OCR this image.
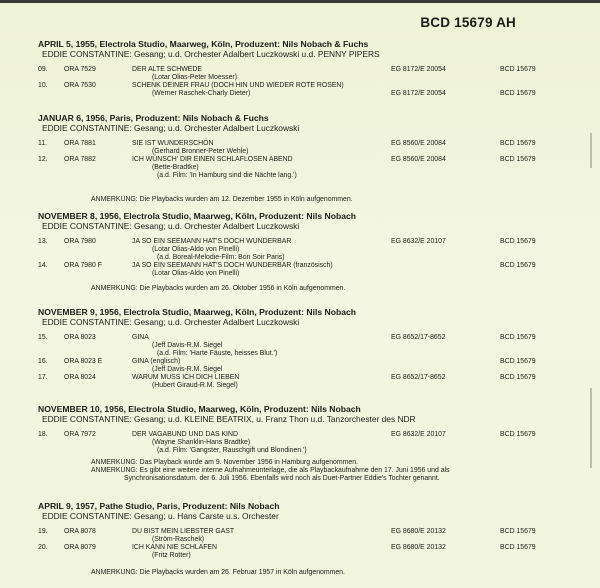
BCD 15679 AH
APRIL 5, 1955, Electrola Studio, Maarweg, Köln, Produzent: Nils Nobach & Fuchs
EDDIE CONSTANTINE: Gesang; u.d. Orchester Adalbert Luczkowski u.d. PENNY PIPERS
09. ORA 7529	DER ALTE SCHWEDE	EG 8172/E 20054	BCD 15679
(Lotar Olias-Peter Moesser)
10. ORA 7530	SCHENK DEINER FRAU (DOCH HIN UND WIEDER ROTE ROSEN)
(Werner Raschek-Charly Dieter)	EG 8172/E 20054	BCD 15679
JANUAR 6, 1956, Paris, Produzent: Nils Nobach & Fuchs
EDDIE CONSTANTINE: Gesang; u.d. Orchester Adalbert Luczkowski
11. ORA 7881	SIE IST WUNDERSCHÖN	EG 8560/E 20084	BCD 15679
(Gerhard Bronner-Peter Wehle)
12. ORA 7882	ICH WÜNSCH' DIR EINEN SCHLAFLOSEN ABEND	EG 8560/E 20084	BCD 15679
(Bette-Bradtke)
(a.d. Film: 'In Hamburg sind die Nächte lang.')
ANMERKUNG: Die Playbacks wurden am 12. Dezember 1955 in Köln aufgenommen.
NOVEMBER 8, 1956, Electrola Studio, Maarweg, Köln, Produzent: Nils Nobach
EDDIE CONSTANTINE: Gesang; u.d. Orchester Adalbert Luczkowski
13. ORA 7980	JA SO EIN SEEMANN HAT'S DOCH WUNDERBAR	EG 8632/E 20107	BCD 15679
(Lotar Olias-Aldo von Pinelli)
(a.d. Boreal-Melodie-Film: Bon Soir Paris)
14. ORA 7980 F	JA SO EIN SEEMANN HAT'S DOCH WUNDERBAR (französisch)	BCD 15679
(Lotar Olias-Aldo von Pinelli)
ANMERKUNG: Die Playbacks wurden am 26. Oktober 1956 in Köln aufgenommen.
NOVEMBER 9, 1956, Electrola Studio, Maarweg, Köln, Produzent: Nils Nobach
EDDIE CONSTANTINE: Gesang; u.d. Orchester Adalbert Luczkowski
15. ORA 8023	GINA	EG 8652/17-8652	BCD 15679
(Jeff Davis-R.M. Siegel
(a.d. Film: 'Harte Fäuste, heisses Blut.')
16. ORA 8023 E	GINA (englisch)	BCD 15679
(Jeff Davis-R.M. Siegel
17. ORA 8024	WARUM MUSS ICH DICH LIEBEN	EG 8652/17-8652	BCD 15679
(Hubert Giraud-R.M. Siegel)
NOVEMBER 10, 1956, Electrola Studio, Maarweg, Köln, Produzent: Nils Nobach
EDDIE CONSTANTINE: Gesang; u.d. KLEINE BEATRIX, u. Franz Thon u.d. Tanzorchester des NDR
18. ORA 7972	DER VAGABUND UND DAS KIND	EG 8632/E 20107	BCD 15679
(Wayne Shanklin-Hans Bradtke)
(a.d. Film: 'Gangster, Rauschgift und Blondinen.')
ANMERKUNG: Das Playback wurde am 9. November 1956 in Hamburg aufgenommen.
ANMERKUNG: Es gibt eine weitere interne Aufnahmeunterlage, die als Playbackaufnahme den 17. Juni 1956 und als
Synchronisationsdatum. der 6. Juli 1956. Ebenfalls wird noch als Duet-Partner Eddie's Tochter genannt.
APRIL 9, 1957, Pathe Studio, Paris, Produzent: Nils Nobach
EDDIE CONSTANTINE: Gesang; u. Hans Carste u.s. Orchester
19. ORA 8078	DU BIST MEIN LIEBSTER GAST	EG 8680/E 20132	BCD 15679
(Ström-Raschek)
20. ORA 8079	ICH KANN NIE SCHLAFEN	EG 8680/E 20132	BCD 15679
(Fritz Rotter)
ANMERKUNG: Die Playbacks wurden am 26. Februar 1957 in Köln aufgenommen.
